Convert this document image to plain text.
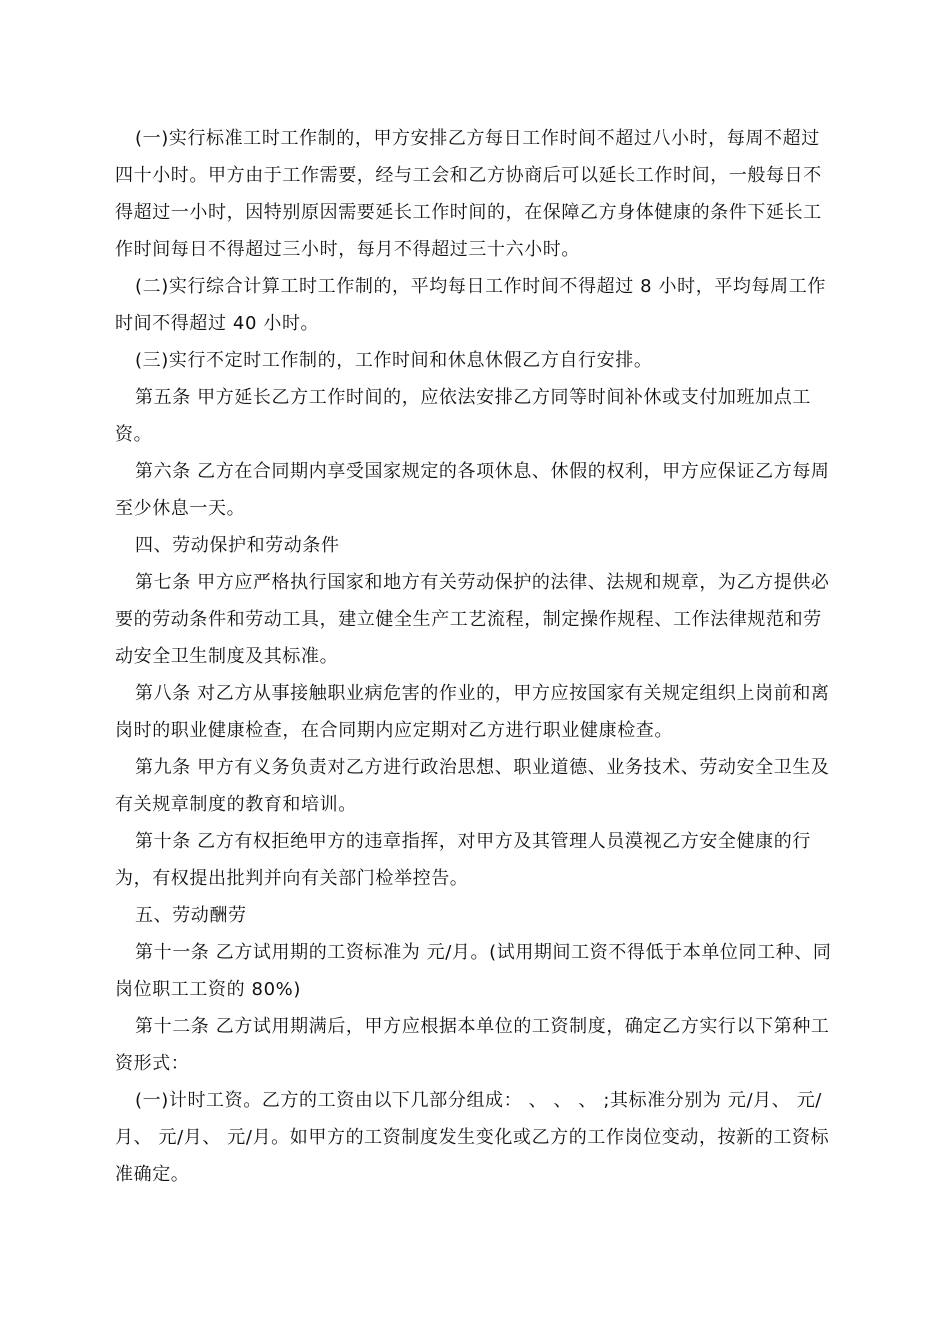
(一)实行标准工时工作制的，甲方安排乙方每日工作时间不超过八小时，每周不超过四十小时。甲方由于工作需要，经与工会和乙方协商后可以延长工作时间，一般每日不得超过一小时，因特别原因需要延长工作时间的，在保障乙方身体健康的条件下延长工作时间每日不得超过三小时，每月不得超过三十六小时。

(二)实行综合计算工时工作制的，平均每日工作时间不得超过 8 小时，平均每周工作时间不得超过 40 小时。

(三)实行不定时工作制的，工作时间和休息休假乙方自行安排。

第五条 甲方延长乙方工作时间的，应依法安排乙方同等时间补休或支付加班加点工资。

第六条 乙方在合同期内享受国家规定的各项休息、休假的权利，甲方应保证乙方每周至少休息一天。

四、劳动保护和劳动条件

第七条 甲方应严格执行国家和地方有关劳动保护的法律、法规和规章，为乙方提供必要的劳动条件和劳动工具，建立健全生产工艺流程，制定操作规程、工作法律规范和劳动安全卫生制度及其标准。

第八条 对乙方从事接触职业病危害的作业的，甲方应按国家有关规定组织上岗前和离岗时的职业健康检查，在合同期内应定期对乙方进行职业健康检查。

第九条 甲方有义务负责对乙方进行政治思想、职业道德、业务技术、劳动安全卫生及有关规章制度的教育和培训。

第十条 乙方有权拒绝甲方的违章指挥，对甲方及其管理人员漠视乙方安全健康的行为，有权提出批判并向有关部门检举控告。

五、劳动酬劳

第十一条 乙方试用期的工资标准为 元/月。(试用期间工资不得低于本单位同工种、同岗位职工工资的 80%)

第十二条 乙方试用期满后，甲方应根据本单位的工资制度，确定乙方实行以下第种工资形式：

(一)计时工资。乙方的工资由以下几部分组成： 、 、 、 ;其标准分别为 元/月、 元/月、 元/月、 元/月。如甲方的工资制度发生变化或乙方的工作岗位变动，按新的工资标准确定。
